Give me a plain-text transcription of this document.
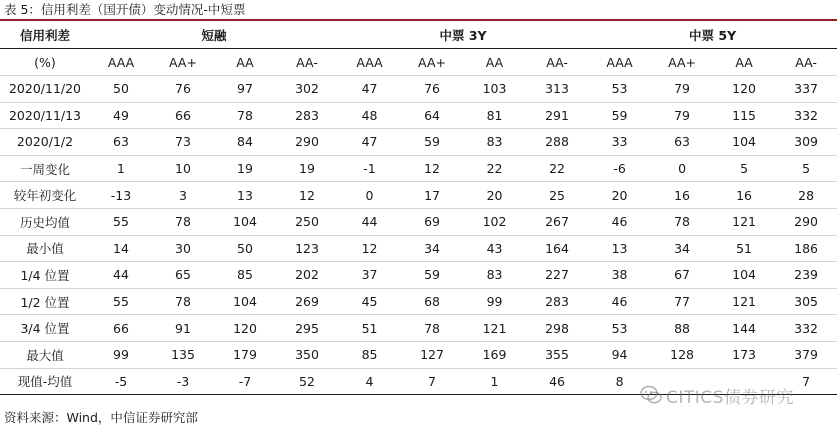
表 5：信用利差（国开债）变动情况-中短票
信用利差	短融				中票 3Y				中票 5Y			
(%)	AAA	AA+	AA	AA-	AAA	AA+	AA	AA-	AAA	AA+	AA	AA-
2020/11/20	50	76	97	302	47	76	103	313	53	79	120	337
2020/11/13	49	66	78	283	48	64	81	291	59	79	115	332
2020/1/2	63	73	84	290	47	59	83	288	33	63	104	309
一周变化	1	10	19	19	-1	12	22	22	-6	0	5	5
较年初变化	-13	3	13	12	0	17	20	25	20	16	16	28
历史均值	55	78	104	250	44	69	102	267	46	78	121	290
最小值	14	30	50	123	12	34	43	164	13	34	51	186
1/4 位置	44	65	85	202	37	59	83	227	38	67	104	239
1/2 位置	55	78	104	269	45	68	99	283	46	77	121	305
3/4 位置	66	91	120	295	51	78	121	298	53	88	144	332
最大值	99	135	179	350	85	127	169	355	94	128	173	379
现值-均值	-5	-3	-7	52	4	7	1	46	8			7
资料来源：Wind，中信证券研究部
CITICS债券研究
